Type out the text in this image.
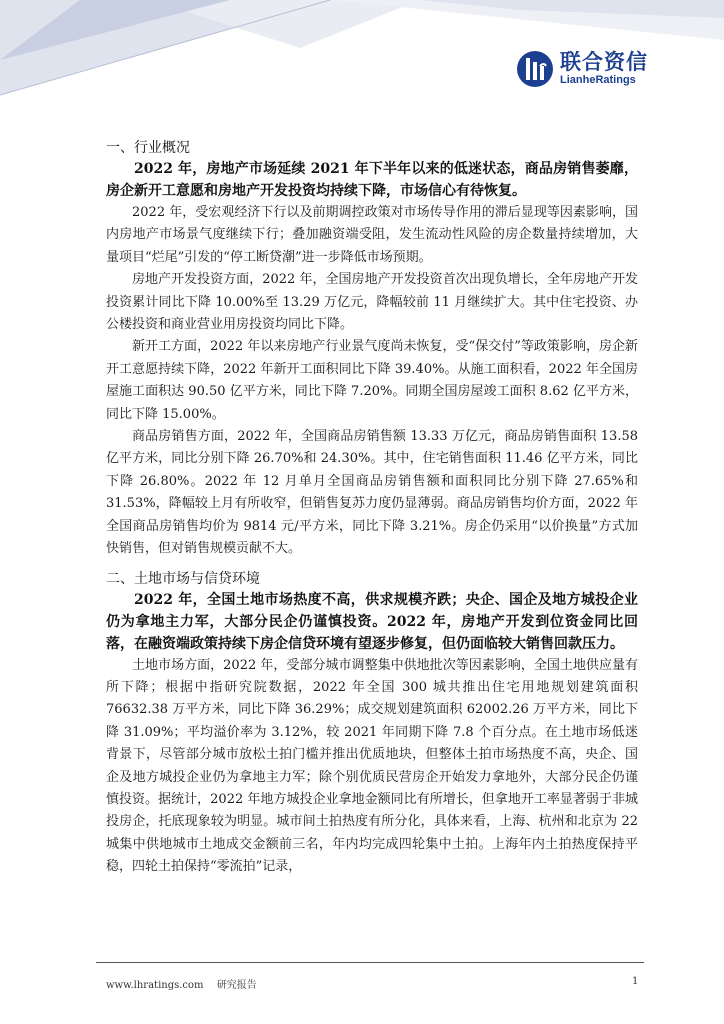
联合资信
LianheRatings
一、行业概况

2022 年，房地产市场延续 2021 年下半年以来的低迷状态，商品房销售萎靡，房企新开工意愿和房地产开发投资均持续下降，市场信心有待恢复。

2022 年，受宏观经济下行以及前期调控政策对市场传导作用的滞后显现等因素影响，国内房地产市场景气度继续下行；叠加融资端受阻，发生流动性风险的房企数量持续增加，大量项目“烂尾”引发的“停工断贷潮”进一步降低市场预期。

房地产开发投资方面，2022 年，全国房地产开发投资首次出现负增长，全年房地产开发投资累计同比下降 10.00%至 13.29 万亿元，降幅较前 11 月继续扩大。其中住宅投资、办公楼投资和商业营业用房投资均同比下降。

新开工方面，2022 年以来房地产行业景气度尚未恢复，受“保交付”等政策影响，房企新开工意愿持续下降，2022 年新开工面积同比下降 39.40%。从施工面积看，2022 年全国房屋施工面积达 90.50 亿平方米，同比下降 7.20%。同期全国房屋竣工面积 8.62 亿平方米，同比下降 15.00%。

商品房销售方面，2022 年，全国商品房销售额 13.33 万亿元，商品房销售面积 13.58 亿平方米，同比分别下降 26.70%和 24.30%。其中，住宅销售面积 11.46 亿平方米，同比下降 26.80%。2022 年 12 月单月全国商品房销售额和面积同比分别下降 27.65%和 31.53%，降幅较上月有所收窄，但销售复苏力度仍显薄弱。商品房销售均价方面，2022 年全国商品房销售均价为 9814 元/平方米，同比下降 3.21%。房企仍采用“以价换量”方式加快销售，但对销售规模贡献不大。

二、土地市场与信贷环境

2022 年，全国土地市场热度不高，供求规模齐跌；央企、国企及地方城投企业仍为拿地主力军，大部分民企仍谨慎投资。2022 年，房地产开发到位资金同比回落，在融资端政策持续下房企信贷环境有望逐步修复，但仍面临较大销售回款压力。

土地市场方面，2022 年，受部分城市调整集中供地批次等因素影响，全国土地供应量有所下降；根据中指研究院数据，2022 年全国 300 城共推出住宅用地规划建筑面积 76632.38 万平方米，同比下降 36.29%；成交规划建筑面积 62002.26 万平方米，同比下降 31.09%；平均溢价率为 3.12%，较 2021 年同期下降 7.8 个百分点。在土地市场低迷背景下，尽管部分城市放松土拍门槛并推出优质地块，但整体土拍市场热度不高，央企、国企及地方城投企业仍为拿地主力军；除个别优质民营房企开始发力拿地外，大部分民企仍谨慎投资。据统计，2022 年地方城投企业拿地金额同比有所增长，但拿地开工率显著弱于非城投房企，托底现象较为明显。城市间土拍热度有所分化，具体来看，上海、杭州和北京为 22 城集中供地城市土地成交金额前三名，年内均完成四轮集中土拍。上海年内土拍热度保持平稳，四轮土拍保持“零流拍”记录，

www.lhratings.com 研究报告	1
